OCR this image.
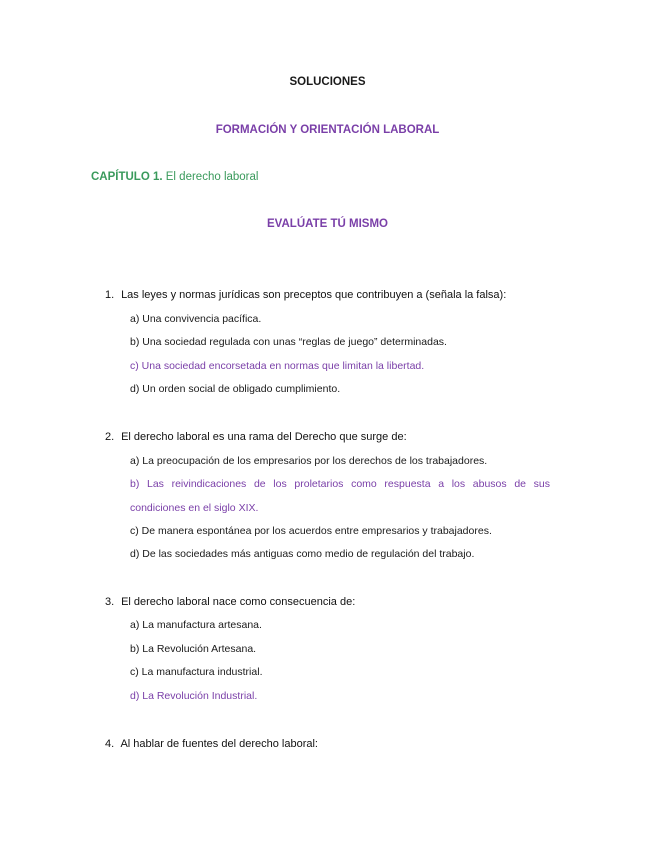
SOLUCIONES
FORMACIÓN Y ORIENTACIÓN LABORAL
CAPÍTULO 1. El derecho laboral
EVALÚATE TÚ MISMO
1. Las leyes y normas jurídicas son preceptos que contribuyen a (señala la falsa):
a) Una convivencia pacífica.
b) Una sociedad regulada con unas “reglas de juego” determinadas.
c) Una sociedad encorsetada en normas que limitan la libertad.
d) Un orden social de obligado cumplimiento.
2. El derecho laboral es una rama del Derecho que surge de:
a) La preocupación de los empresarios por los derechos de los trabajadores.
b) Las reivindicaciones de los proletarios como respuesta a los abusos de sus
condiciones en el siglo XIX.
c) De manera espontánea por los acuerdos entre empresarios y trabajadores.
d) De las sociedades más antiguas como medio de regulación del trabajo.
3. El derecho laboral nace como consecuencia de:
a) La manufactura artesana.
b) La Revolución Artesana.
c) La manufactura industrial.
d) La Revolución Industrial.
4. Al hablar de fuentes del derecho laboral:
